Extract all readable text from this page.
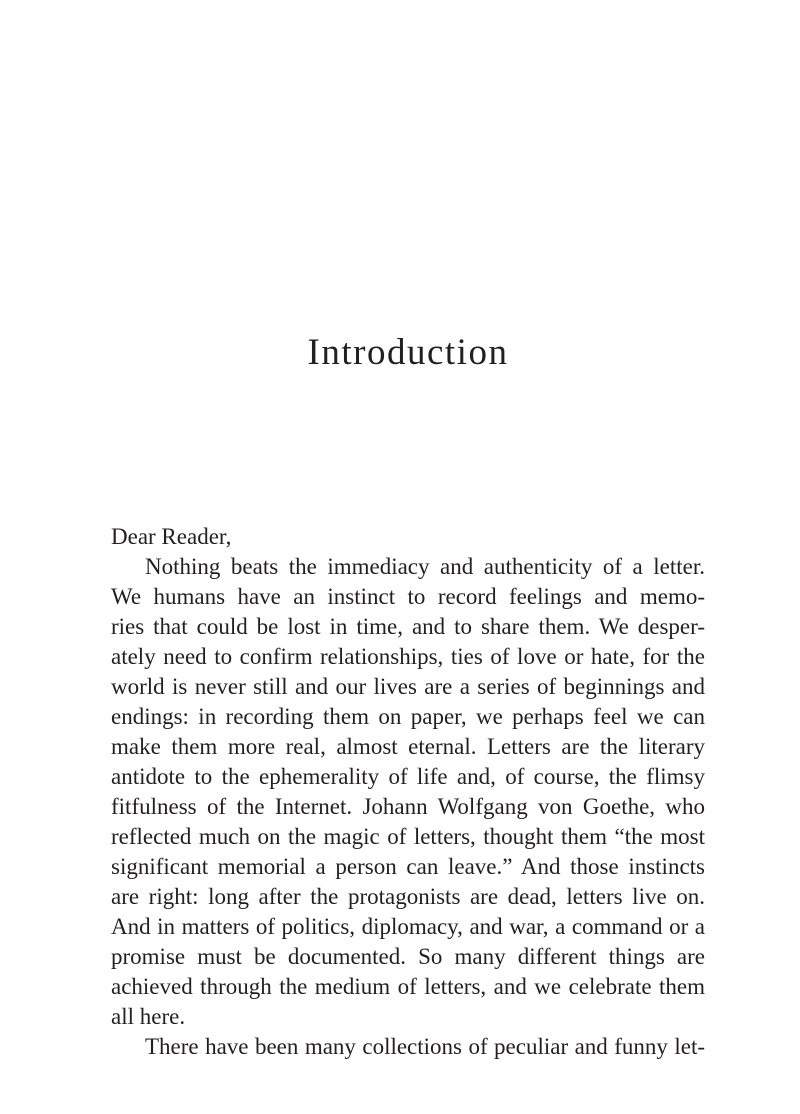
Introduction
Dear Reader,
Nothing beats the immediacy and authenticity of a letter.
We humans have an instinct to record feelings and memo-
ries that could be lost in time, and to share them. We desper-
ately need to confirm relationships, ties of love or hate, for the
world is never still and our lives are a series of beginnings and
endings: in recording them on paper, we perhaps feel we can
make them more real, almost eternal. Letters are the literary
antidote to the ephemerality of life and, of course, the flimsy
fitfulness of the Internet. Johann Wolfgang von Goethe, who
reflected much on the magic of letters, thought them “the most
significant memorial a person can leave.” And those instincts
are right: long after the protagonists are dead, letters live on.
And in matters of politics, diplomacy, and war, a command or a
promise must be documented. So many different things are
achieved through the medium of letters, and we celebrate them
all here.
There have been many collections of peculiar and funny let-
